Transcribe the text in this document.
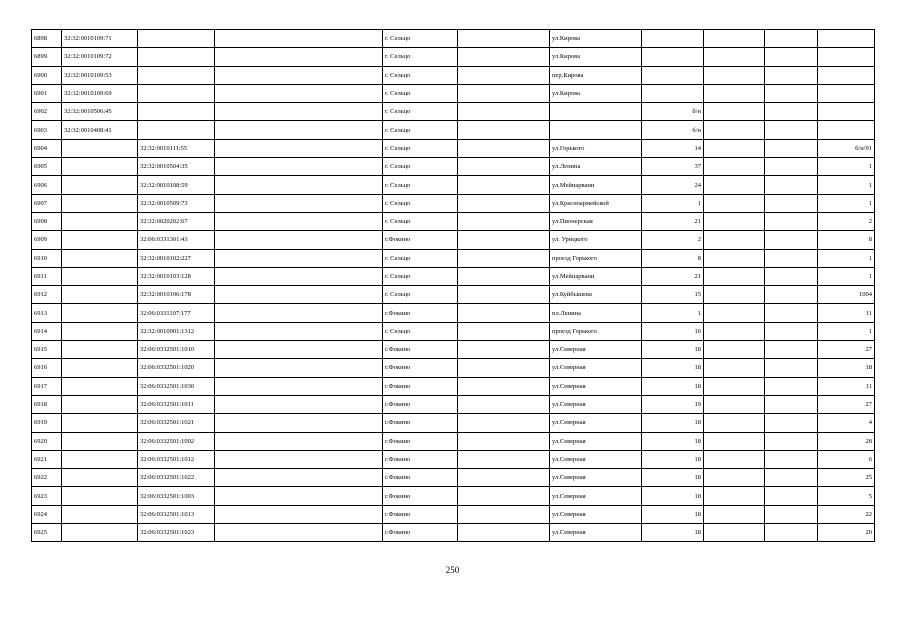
6898	32:32:0010109:71			г. Сельцо		ул.Кирова				
6899	32:32:0010109:72			г. Сельцо		ул.Кирова				
6900	32:32:0010109:53			г. Сельцо		пер.Кирова				
6901	32:32:0010109:69			г. Сельцо		ул.Кирова				
6902	32:32:0010506:45			г. Сельцо			б/н			
6903	32:32:0010408:41			г. Сельцо			б/н			
6904		32:32:0010111:55		г. Сельцо		ул.Горького	14			б/н/91
6905		32:32:0010504:35		г. Сельцо		ул.Ленина	37			1
6906		32:32:0010108:59		г. Сельцо		ул.Мейпарвани	24			1
6907		32:32:0010509:73		г. Сельцо		ул.Красноармейской	1			1
6908		32:32:0020202:67		г. Сельцо		ул.Пионерская	21			2
6909		32:06:0331301:43		г.Фокино		ул. Урицкого	2			8
6910		32:32:0010102:227		г. Сельцо		проезд Горького	8			1
6911		32:32:0010103:128		г. Сельцо		ул.Мейпарвани	21			1
6912		32:32:0010106:178		г. Сельцо		ул.Куйбышева	15			1004
6913		32:06:0331107:177		г.Фокино		пл.Ленина	1			11
6914		32:32:0010901:1312		г. Сельцо		проезд Горького	16			1
6915		32:06:0332501:1010		г.Фокино		ул.Северная	18			27
6916		32:06:0332501:1020		г.Фокино		ул.Северная	18			18
6917		32:06:0332501:1030		г.Фокино		ул.Северная	18			11
6918		32:06:0332501:1011		г.Фокино		ул.Северная	19			27
6919		32:06:0332501:1021		г.Фокино		ул.Северная	18			4
6920		32:06:0332501:1002		г.Фокино		ул.Северная	18			28
6921		32:06:0332501:1012		г.Фокино		ул.Северная	18			6
6922		32:06:0332501:1022		г.Фокино		ул.Северная	18			25
6923		32:06:0332501:1003		г.Фокино		ул.Северная	18			5
6924		32:06:0332501:1013		г.Фокино		ул.Северная	18			22
6925		32:06:0332501:1023		г.Фокино		ул.Северная	18			20
250
